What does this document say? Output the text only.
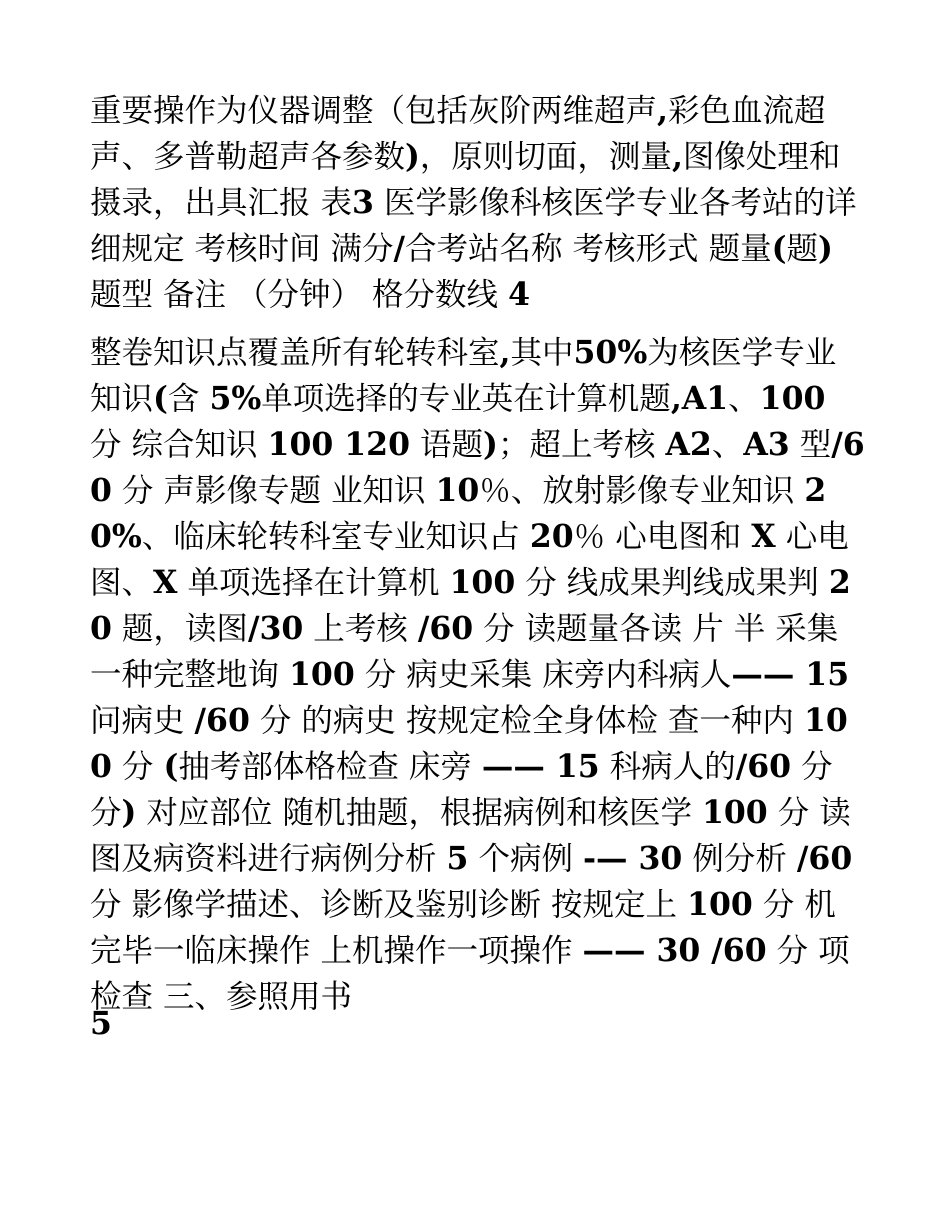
重要操作为仪器调整（包括灰阶两维超声,彩色血流超声、多普勒超声各参数)，原则切面，测量,图像处理和摄录，出具汇报 表3 医学影像科核医学专业各考站的详细规定 考核时间 满分/合考站名称 考核形式 题量(题) 题型 备注 （分钟） 格分数线 4

整卷知识点覆盖所有轮转科室,其中50%为核医学专业知识(含 5%单项选择的专业英在计算机题,A1、100 分 综合知识 100 120 语题)；超上考核 A2、A3 型/60 分 声影像专题 业知识 10％、放射影像专业知识 20%、临床轮转科室专业知识占 20％ 心电图和 X 心电图、X 单项选择在计算机 100 分 线成果判线成果判 20 题，读图/30 上考核 /60 分 读题量各读 片 半 采集一种完整地询 100 分 病史采集 床旁内科病人—— 15 问病史 /60 分 的病史 按规定检全身体检 查一种内 100 分 (抽考部体格检查 床旁 —— 15 科病人的/60 分 分) 对应部位 随机抽题，根据病例和核医学 100 分 读图及病资料进行病例分析 5 个病例 -— 30 例分析 /60 分 影像学描述、诊断及鉴别诊断 按规定上 100 分 机完毕一临床操作 上机操作一项操作 —— 30 /60 分 项检查 三、参照用书

5
